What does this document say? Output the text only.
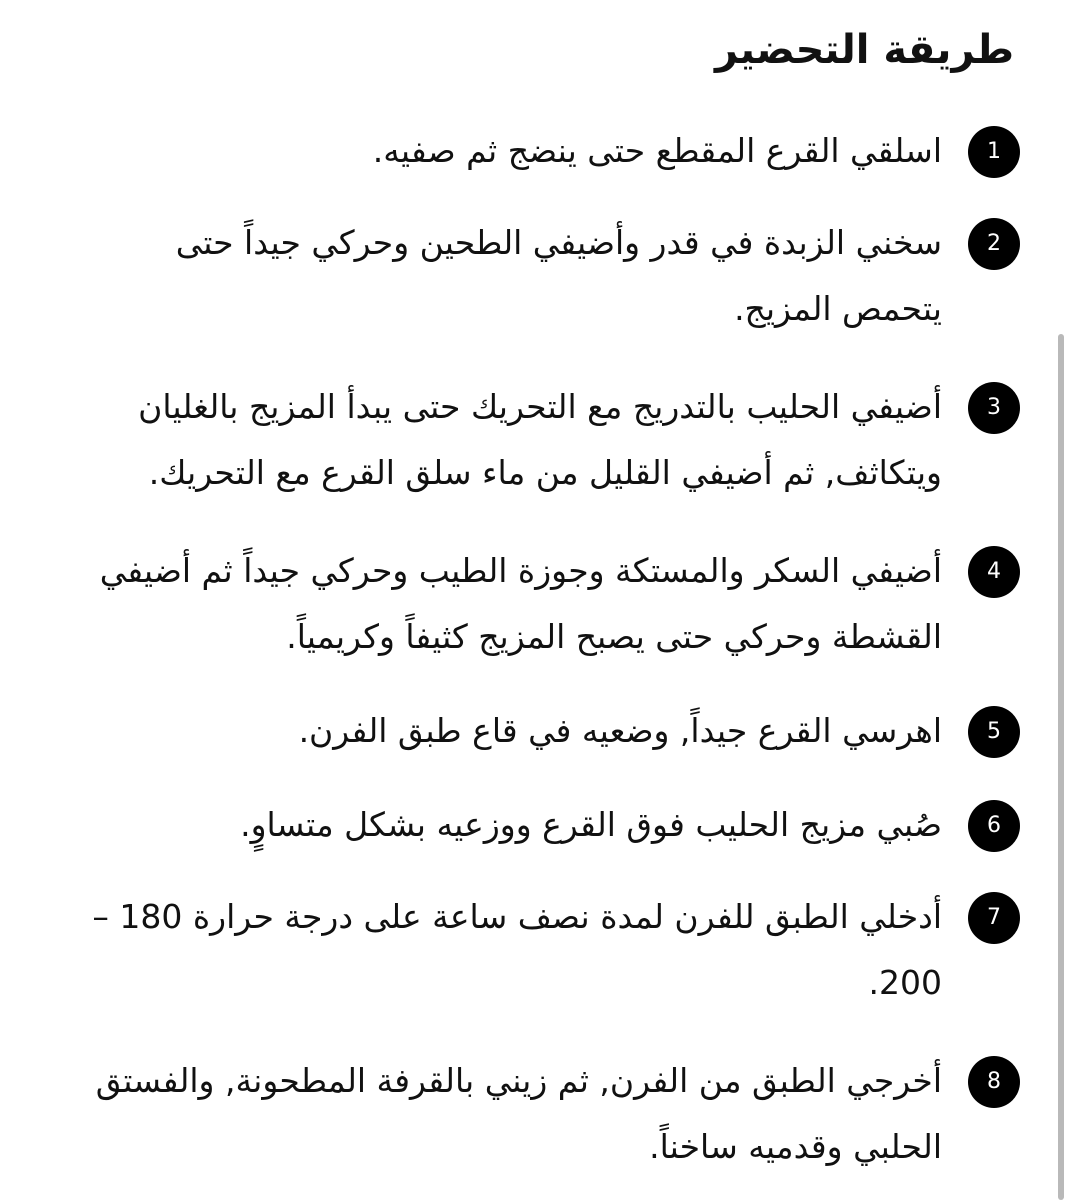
طريقة التحضير
1
اسلقي القرع المقطع حتى ينضج ثم صفيه.
2
سخني الزبدة في قدر وأضيفي الطحين وحركي جيداً حتى يتحمص المزيج.
3
أضيفي الحليب بالتدريج مع التحريك حتى يبدأ المزيج بالغليان ويتكاثف, ثم أضيفي القليل من ماء سلق القرع مع التحريك.
4
أضيفي السكر والمستكة وجوزة الطيب وحركي جيداً ثم أضيفي القشطة وحركي حتى يصبح المزيج كثيفاً وكريمياً.
5
اهرسي القرع جيداً, وضعيه في قاع طبق الفرن.
6
صُبي مزيج الحليب فوق القرع ووزعيه بشكل متساوٍ.
7
أدخلي الطبق للفرن لمدة نصف ساعة على درجة حرارة 180 – 200.
8
أخرجي الطبق من الفرن, ثم زيني بالقرفة المطحونة, والفستق الحلبي وقدميه ساخناً.
